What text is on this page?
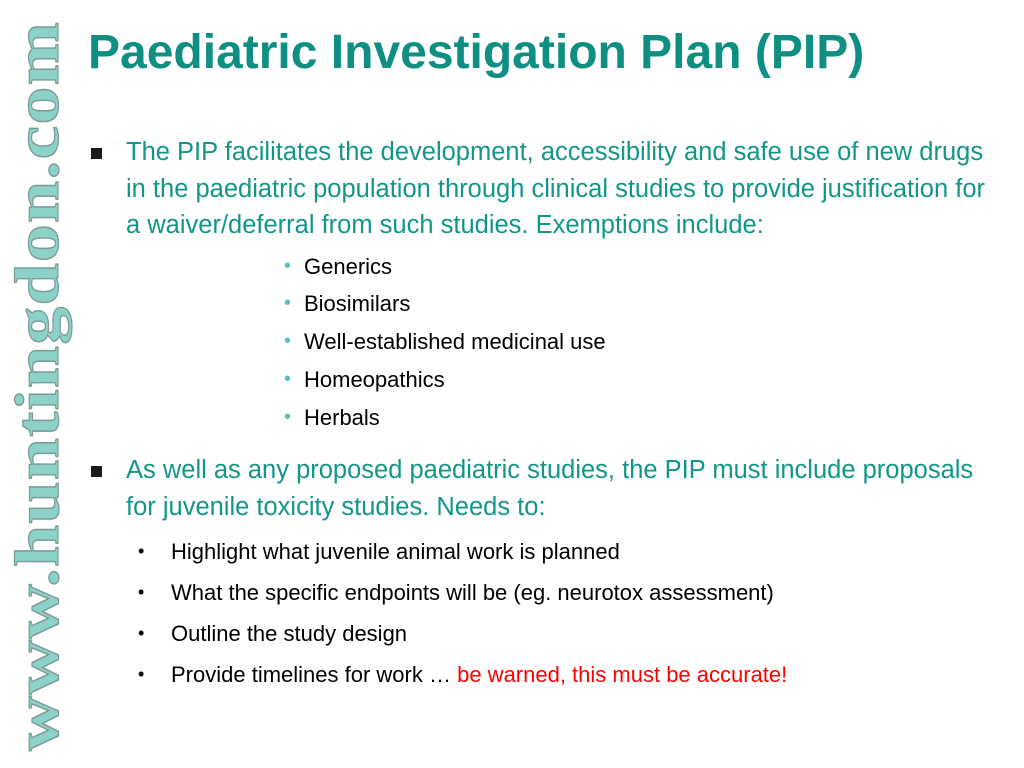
www.huntingdon.com
Paediatric Investigation Plan (PIP)
The PIP facilitates the development, accessibility and safe use of new drugs in the paediatric population through clinical studies to provide justification for a waiver/deferral from such studies. Exemptions include:
• Generics
• Biosimilars
• Well-established medicinal use
• Homeopathics
• Herbals
As well as any proposed paediatric studies, the PIP must include proposals for juvenile toxicity studies. Needs to:
• Highlight what juvenile animal work is planned
• What the specific endpoints will be (eg. neurotox assessment)
• Outline the study design
• Provide timelines for work … be warned, this must be accurate!
